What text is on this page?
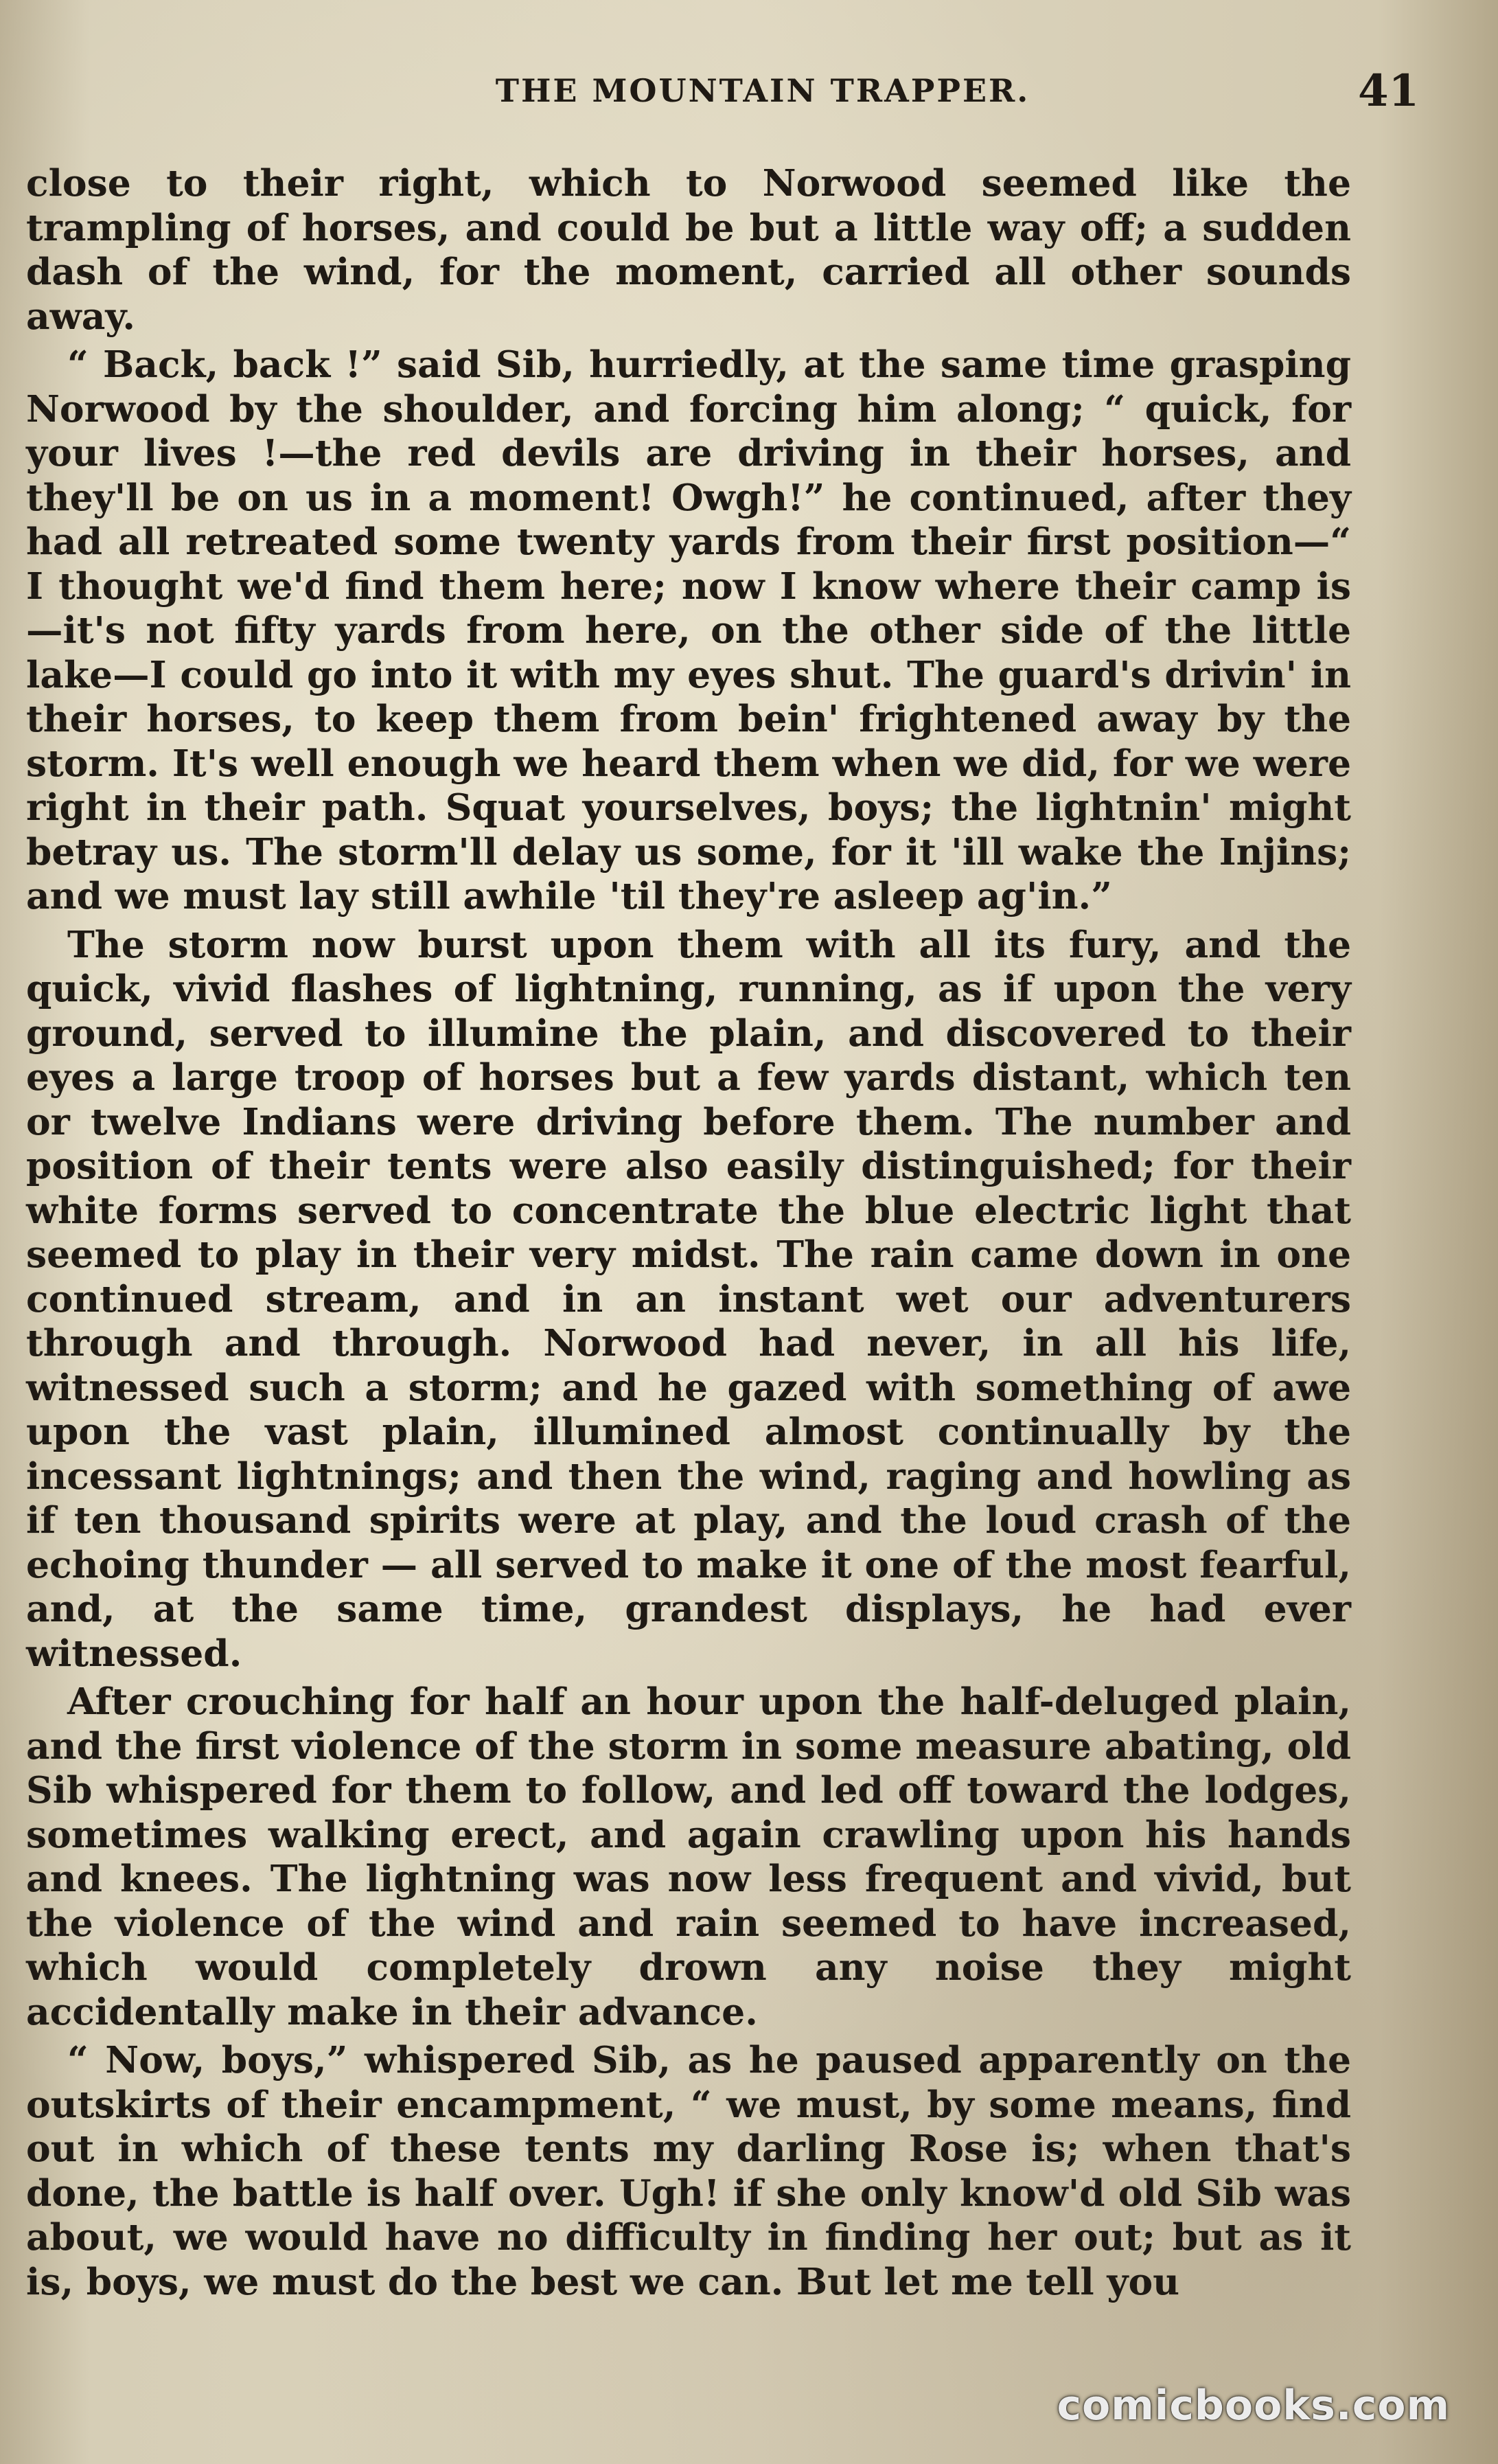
THE MOUNTAIN TRAPPER.	41

close to their right, which to Norwood seemed like the trampling of horses, and could be but a little way off; a sudden dash of the wind, for the moment, carried all other sounds away.

“ Back, back !” said Sib, hurriedly, at the same time grasping Norwood by the shoulder, and forcing him along; “ quick, for your lives !—the red devils are driving in their horses, and they'll be on us in a moment! Owgh!” he continued, after they had all retreated some twenty yards from their first position—“ I thought we'd find them here; now I know where their camp is—it's not fifty yards from here, on the other side of the little lake—I could go into it with my eyes shut. The guard's drivin' in their horses, to keep them from bein' frightened away by the storm. It's well enough we heard them when we did, for we were right in their path. Squat yourselves, boys; the lightnin' might betray us. The storm'll delay us some, for it 'ill wake the Injins; and we must lay still awhile 'til they're asleep ag'in.”

The storm now burst upon them with all its fury, and the quick, vivid flashes of lightning, running, as if upon the very ground, served to illumine the plain, and discovered to their eyes a large troop of horses but a few yards distant, which ten or twelve Indians were driving before them. The number and position of their tents were also easily distinguished; for their white forms served to concentrate the blue electric light that seemed to play in their very midst. The rain came down in one continued stream, and in an instant wet our adventurers through and through. Norwood had never, in all his life, witnessed such a storm; and he gazed with something of awe upon the vast plain, illumined almost continually by the incessant lightnings; and then the wind, raging and howling as if ten thousand spirits were at play, and the loud crash of the echoing thunder — all served to make it one of the most fearful, and, at the same time, grandest displays, he had ever witnessed.

After crouching for half an hour upon the half-deluged plain, and the first violence of the storm in some measure abating, old Sib whispered for them to follow, and led off toward the lodges, sometimes walking erect, and again crawling upon his hands and knees. The lightning was now less frequent and vivid, but the violence of the wind and rain seemed to have increased, which would completely drown any noise they might accidentally make in their advance.

“ Now, boys,” whispered Sib, as he paused apparently on the outskirts of their encampment, “ we must, by some means, find out in which of these tents my darling Rose is; when that's done, the battle is half over. Ugh! if she only know'd old Sib was about, we would have no difficulty in finding her out; but as it is, boys, we must do the best we can. But let me tell you

comicbooks.com
